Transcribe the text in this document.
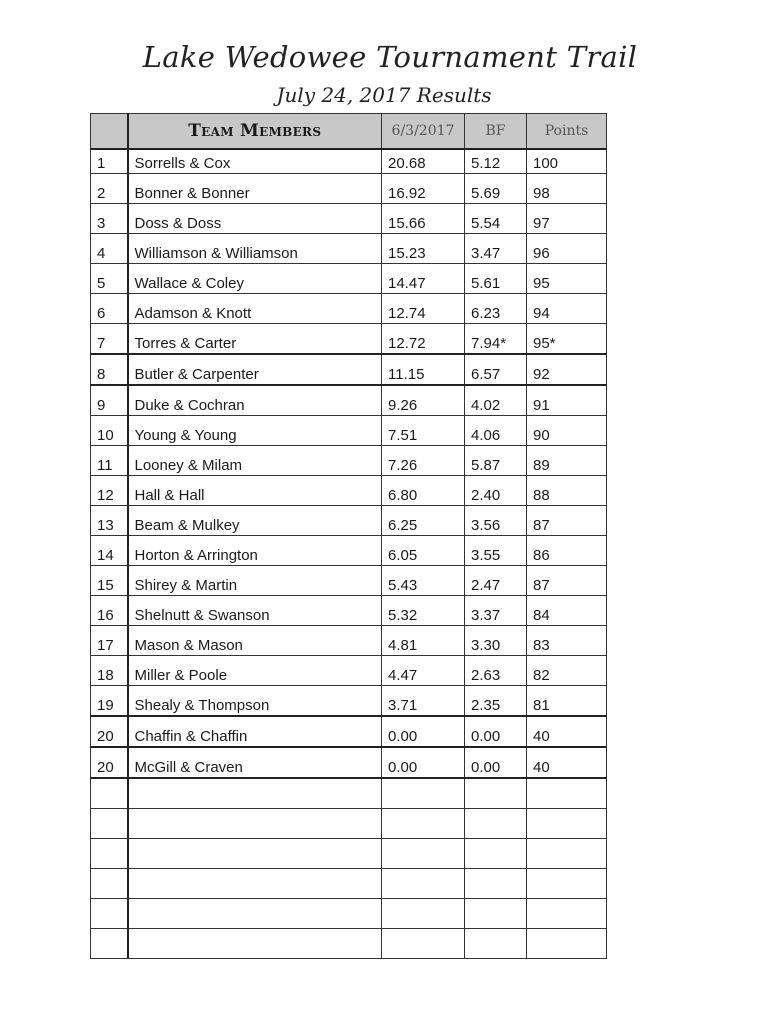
Lake Wedowee Tournament Trail
July 24, 2017 Results
	Team Members	6/3/2017	BF	Points
1	Sorrells & Cox	20.68	5.12	100
2	Bonner & Bonner	16.92	5.69	98
3	Doss & Doss	15.66	5.54	97
4	Williamson & Williamson	15.23	3.47	96
5	Wallace & Coley	14.47	5.61	95
6	Adamson & Knott	12.74	6.23	94
7	Torres & Carter	12.72	7.94*	95*
8	Butler & Carpenter	11.15	6.57	92
9	Duke & Cochran	9.26	4.02	91
10	Young & Young	7.51	4.06	90
11	Looney & Milam	7.26	5.87	89
12	Hall & Hall	6.80	2.40	88
13	Beam & Mulkey	6.25	3.56	87
14	Horton & Arrington	6.05	3.55	86
15	Shirey & Martin	5.43	2.47	87
16	Shelnutt & Swanson	5.32	3.37	84
17	Mason & Mason	4.81	3.30	83
18	Miller & Poole	4.47	2.63	82
19	Shealy & Thompson	3.71	2.35	81
20	Chaffin & Chaffin	0.00	0.00	40
20	McGill & Craven	0.00	0.00	40
